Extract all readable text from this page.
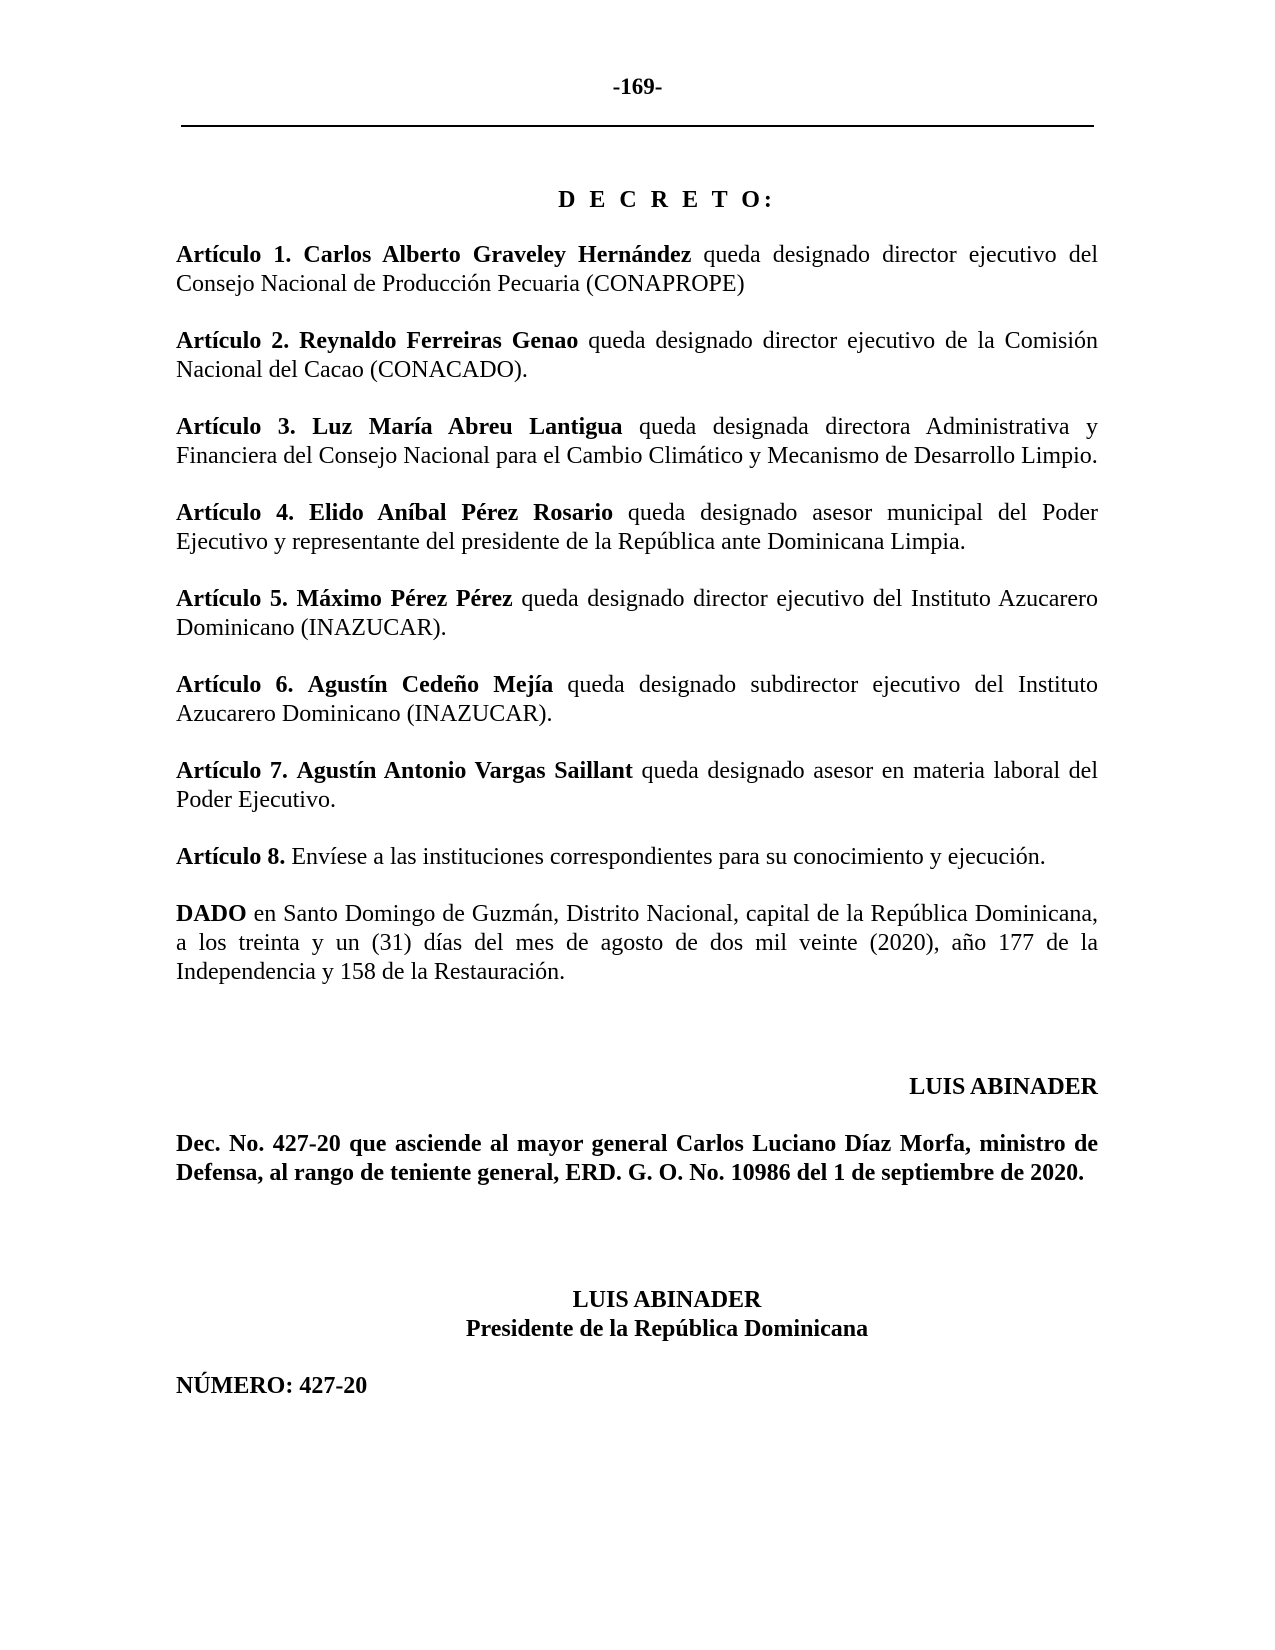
-169-
D E C R E T O:

Artículo 1. Carlos Alberto Graveley Hernández queda designado director ejecutivo del Consejo Nacional de Producción Pecuaria (CONAPROPE)

Artículo 2. Reynaldo Ferreiras Genao queda designado director ejecutivo de la Comisión Nacional del Cacao (CONACADO).

Artículo 3. Luz María Abreu Lantigua queda designada directora Administrativa y Financiera del Consejo Nacional para el Cambio Climático y Mecanismo de Desarrollo Limpio.

Artículo 4. Elido Aníbal Pérez Rosario queda designado asesor municipal del Poder Ejecutivo y representante del presidente de la República ante Dominicana Limpia.

Artículo 5. Máximo Pérez Pérez queda designado director ejecutivo del Instituto Azucarero Dominicano (INAZUCAR).

Artículo 6. Agustín Cedeño Mejía queda designado subdirector ejecutivo del Instituto Azucarero Dominicano (INAZUCAR).

Artículo 7. Agustín Antonio Vargas Saillant queda designado asesor en materia laboral del Poder Ejecutivo.

Artículo 8. Envíese a las instituciones correspondientes para su conocimiento y ejecución.

DADO en Santo Domingo de Guzmán, Distrito Nacional, capital de la República Dominicana, a los treinta y un (31) días del mes de agosto de dos mil veinte (2020), año 177 de la Independencia y 158 de la Restauración.

LUIS ABINADER

Dec. No. 427-20 que asciende al mayor general Carlos Luciano Díaz Morfa, ministro de Defensa, al rango de teniente general, ERD. G. O. No. 10986 del 1 de septiembre de 2020.

LUIS ABINADER
Presidente de la República Dominicana
NÚMERO: 427-20
